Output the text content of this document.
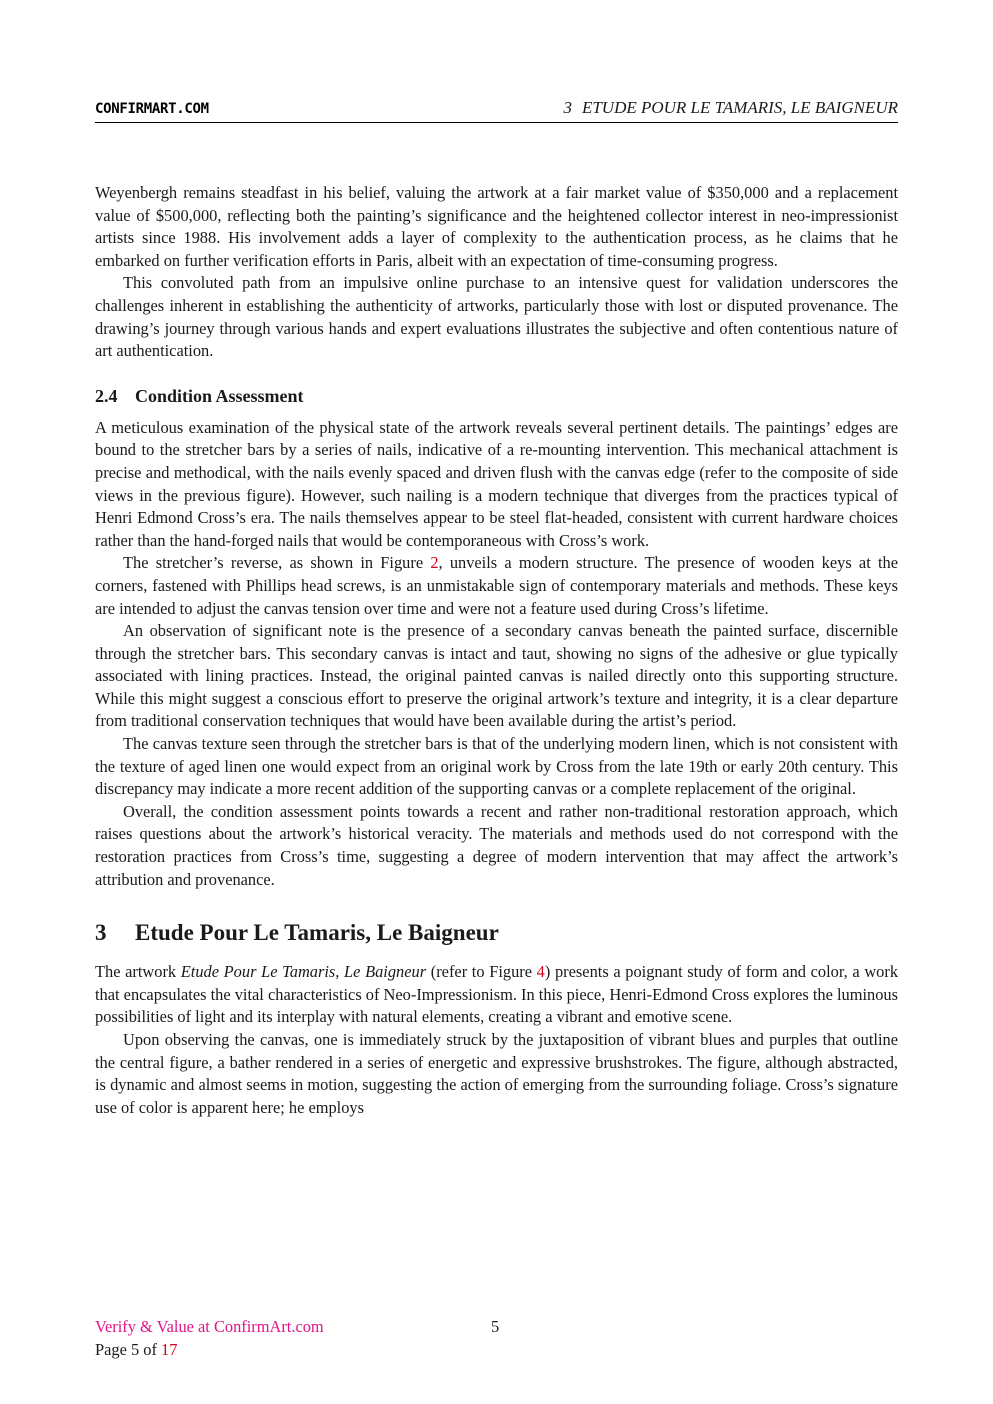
CONFIRMART.COM	3 ETUDE POUR LE TAMARIS, LE BAIGNEUR

Weyenbergh remains steadfast in his belief, valuing the artwork at a fair market value of $350,000 and a replacement value of $500,000, reflecting both the painting’s significance and the heightened collector interest in neo-impressionist artists since 1988. His involvement adds a layer of complexity to the authentication process, as he claims that he embarked on further verification efforts in Paris, albeit with an expectation of time-consuming progress.

This convoluted path from an impulsive online purchase to an intensive quest for validation underscores the challenges inherent in establishing the authenticity of artworks, particularly those with lost or disputed provenance. The drawing’s journey through various hands and expert evaluations illustrates the subjective and often contentious nature of art authentication.

2.4 Condition Assessment

A meticulous examination of the physical state of the artwork reveals several pertinent details. The paintings’ edges are bound to the stretcher bars by a series of nails, indicative of a re-mounting intervention. This mechanical attachment is precise and methodical, with the nails evenly spaced and driven flush with the canvas edge (refer to the composite of side views in the previous figure). However, such nailing is a modern technique that diverges from the practices typical of Henri Edmond Cross’s era. The nails themselves appear to be steel flat-headed, consistent with current hardware choices rather than the hand-forged nails that would be contemporaneous with Cross’s work.

The stretcher’s reverse, as shown in Figure 2, unveils a modern structure. The presence of wooden keys at the corners, fastened with Phillips head screws, is an unmistakable sign of contemporary materials and methods. These keys are intended to adjust the canvas tension over time and were not a feature used during Cross’s lifetime.

An observation of significant note is the presence of a secondary canvas beneath the painted surface, discernible through the stretcher bars. This secondary canvas is intact and taut, showing no signs of the adhesive or glue typically associated with lining practices. Instead, the original painted canvas is nailed directly onto this supporting structure. While this might suggest a conscious effort to preserve the original artwork’s texture and integrity, it is a clear departure from traditional conservation techniques that would have been available during the artist’s period.

The canvas texture seen through the stretcher bars is that of the underlying modern linen, which is not consistent with the texture of aged linen one would expect from an original work by Cross from the late 19th or early 20th century. This discrepancy may indicate a more recent addition of the supporting canvas or a complete replacement of the original.

Overall, the condition assessment points towards a recent and rather non-traditional restoration approach, which raises questions about the artwork’s historical veracity. The materials and methods used do not correspond with the restoration practices from Cross’s time, suggesting a degree of modern intervention that may affect the artwork’s attribution and provenance.

3 Etude Pour Le Tamaris, Le Baigneur

The artwork Etude Pour Le Tamaris, Le Baigneur (refer to Figure 4) presents a poignant study of form and color, a work that encapsulates the vital characteristics of Neo-Impressionism. In this piece, Henri-Edmond Cross explores the luminous possibilities of light and its interplay with natural elements, creating a vibrant and emotive scene.

Upon observing the canvas, one is immediately struck by the juxtaposition of vibrant blues and purples that outline the central figure, a bather rendered in a series of energetic and expressive brushstrokes. The figure, although abstracted, is dynamic and almost seems in motion, suggesting the action of emerging from the surrounding foliage. Cross’s signature use of color is apparent here; he employs

Verify & Value at ConfirmArt.com	5
Page 5 of 17
